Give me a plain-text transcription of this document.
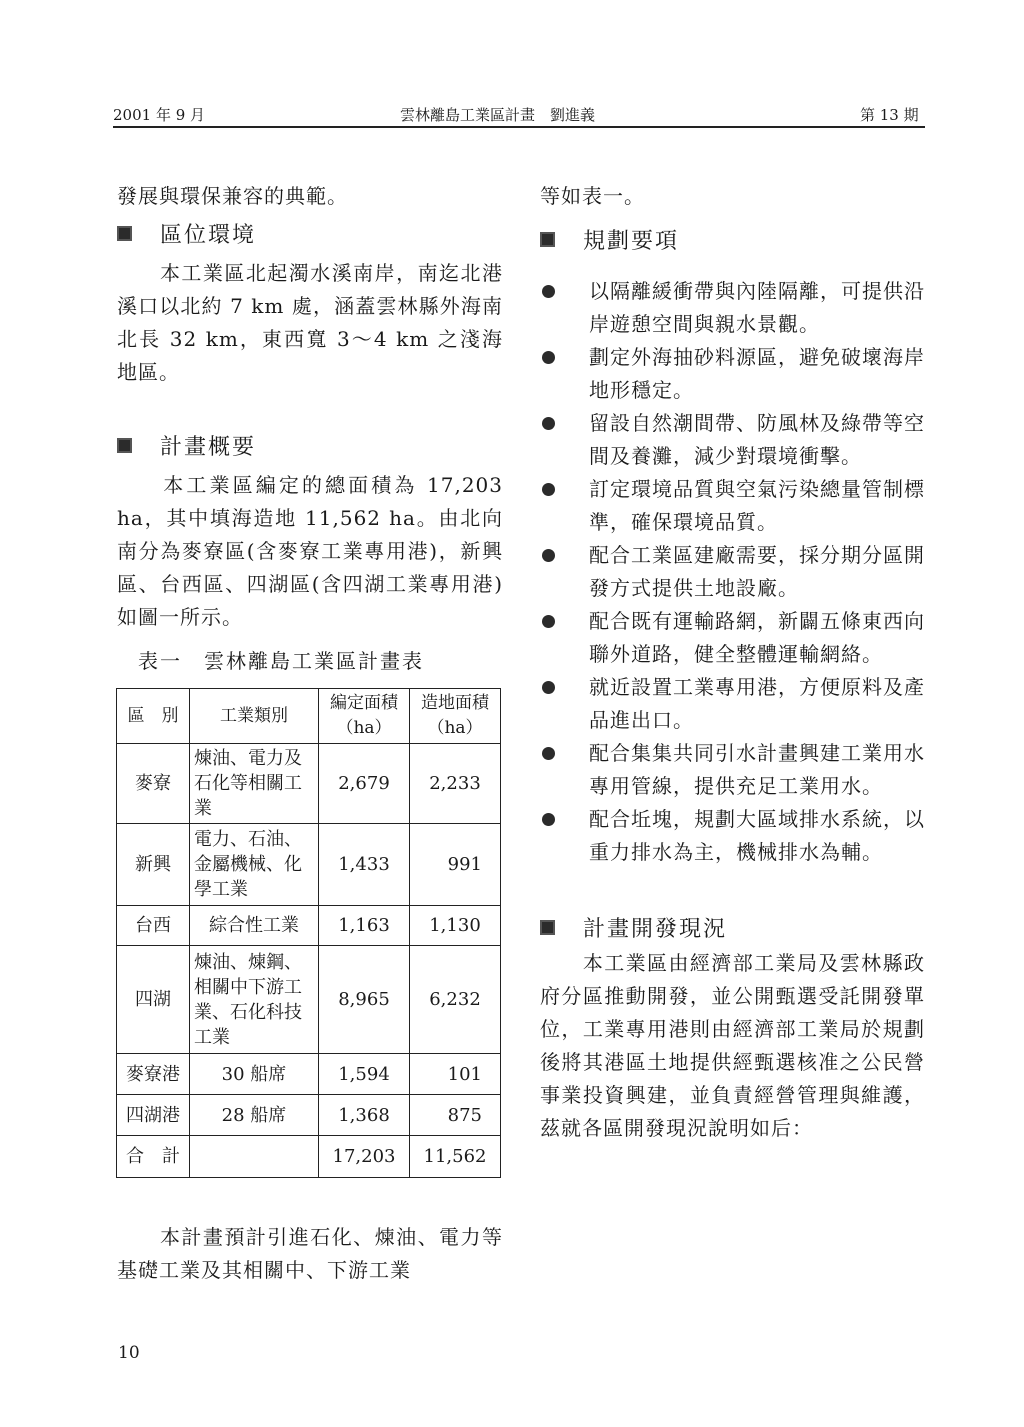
2001 年 9 月	雲林離島工業區計畫　劉進義	第 13 期

發展與環保兼容的典範。

區位環境

　　本工業區北起濁水溪南岸，南迄北港溪口以北約 7 km 處，涵蓋雲林縣外海南北長 32 km，東西寬 3～4 km 之淺海地區。

計畫概要

　　本工業區編定的總面積為 17,203 ha，其中填海造地 11,562 ha。由北向南分為麥寮區(含麥寮工業專用港)，新興區、台西區、四湖區(含四湖工業專用港)如圖一所示。

表一　雲林離島工業區計畫表
區　別	工業類別	編定面積（ha）	造地面積（ha）
麥寮	煉油、電力及石化等相關工業	2,679	2,233
新興	電力、石油、金屬機械、化學工業	1,433	991
台西	綜合性工業	1,163	1,130
四湖	煉油、煉鋼、相關中下游工業、石化科技工業	8,965	6,232
麥寮港	30 船席	1,594	101
四湖港	28 船席	1,368	875
合　計		17,203	11,562

　　本計畫預計引進石化、煉油、電力等基礎工業及其相關中、下游工業

等如表一。

規劃要項
以隔離緩衝帶與內陸隔離，可提供沿岸遊憩空間與親水景觀。
劃定外海抽砂料源區，避免破壞海岸地形穩定。
留設自然潮間帶、防風林及綠帶等空間及養灘，減少對環境衝擊。
訂定環境品質與空氣污染總量管制標準，確保環境品質。
配合工業區建廠需要，採分期分區開發方式提供土地設廠。
配合既有運輸路網，新闢五條東西向聯外道路，健全整體運輸網絡。
就近設置工業專用港，方便原料及產品進出口。
配合集集共同引水計畫興建工業用水專用管線，提供充足工業用水。
配合坵塊，規劃大區域排水系統，以重力排水為主，機械排水為輔。
計畫開發現況

　　本工業區由經濟部工業局及雲林縣政府分區推動開發，並公開甄選受託開發單位，工業專用港則由經濟部工業局於規劃後將其港區土地提供經甄選核准之公民營事業投資興建，並負責經營管理與維護，茲就各區開發現況說明如后：

10
